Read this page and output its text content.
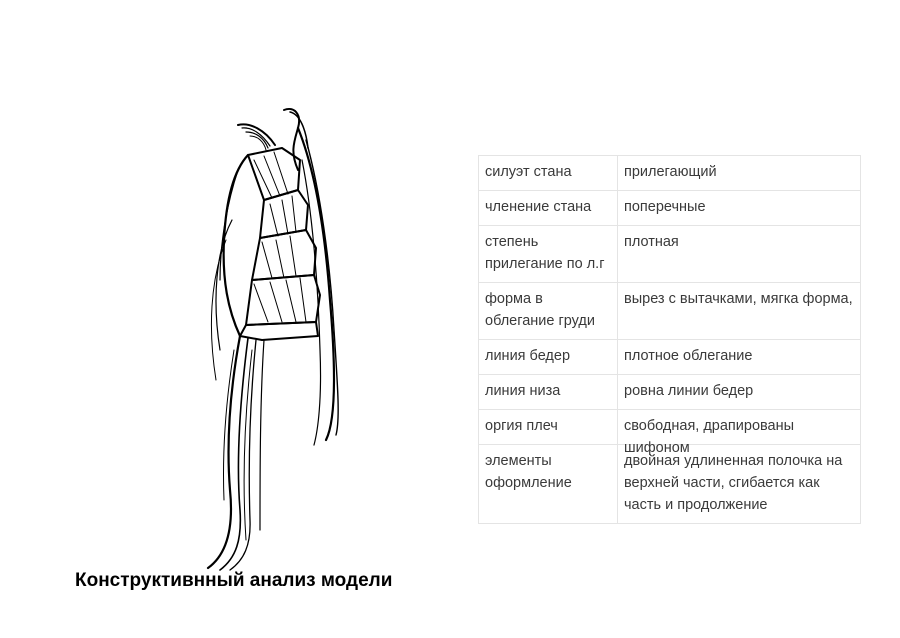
силуэт стана	прилегающий
членение стана	поперечные
степень прилегание по л.г	плотная
форма в облегание груди	вырез с вытачками, мягка форма,
линия бедер	плотное облегание
линия низа	ровна линии бедер
оргия плеч	свободная, драпированы шифоном

элементы оформление	двойная удлиненная полочка на верхней части, сгибается как часть и продолжение
Конструктивнный анализ модели
